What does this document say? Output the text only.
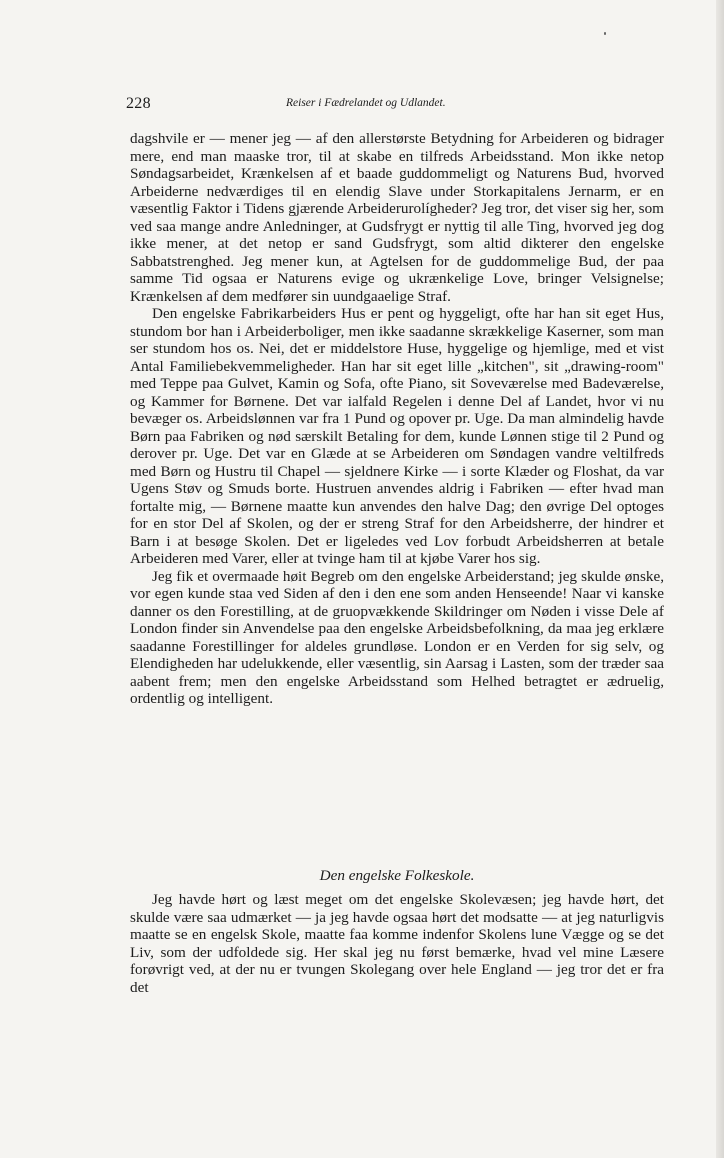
228	Reiser i Fædrelandet og Udlandet.

dagshvile er — mener jeg — af den allerstørste Betydning for Arbeideren og bidrager mere, end man maaske tror, til at skabe en tilfreds Arbeidsstand. Mon ikke netop Søndagsarbeidet, Krænkelsen af et baade guddommeligt og Naturens Bud, hvorved Arbeiderne nedværdiges til en elendig Slave under Storkapitalens Jernarm, er en væsentlig Faktor i Tidens gjærende Arbeiderurolígheder? Jeg tror, det viser sig her, som ved saa mange andre Anledninger, at Gudsfrygt er nyttig til alle Ting, hvorved jeg dog ikke mener, at det netop er sand Gudsfrygt, som altid dikterer den engelske Sabbatstrenghed. Jeg mener kun, at Agtelsen for de guddommelige Bud, der paa samme Tid ogsaa er Naturens evige og ukrænkelige Love, bringer Velsignelse; Krænkelsen af dem medfører sin uundgaaelige Straf.

Den engelske Fabrikarbeiders Hus er pent og hyggeligt, ofte har han sit eget Hus, stundom bor han i Arbeiderboliger, men ikke saadanne skrækkelige Kaserner, som man ser stundom hos os. Nei, det er middelstore Huse, hyggelige og hjemlige, med et vist Antal Familiebekvemmeligheder. Han har sit eget lille „kitchen", sit „drawing-room" med Teppe paa Gulvet, Kamin og Sofa, ofte Piano, sit Soveværelse med Badeværelse, og Kammer for Børnene. Det var ialfald Regelen i denne Del af Landet, hvor vi nu bevæger os. Arbeidslønnen var fra 1 Pund og opover pr. Uge. Da man almindelig havde Børn paa Fabriken og nød særskilt Betaling for dem, kunde Lønnen stige til 2 Pund og derover pr. Uge. Det var en Glæde at se Arbeideren om Søndagen vandre veltilfreds med Børn og Hustru til Chapel — sjeldnere Kirke — i sorte Klæder og Floshat, da var Ugens Støv og Smuds borte. Hustruen anvendes aldrig i Fabriken — efter hvad man fortalte mig, — Børnene maatte kun anvendes den halve Dag; den øvrige Del optoges for en stor Del af Skolen, og der er streng Straf for den Arbeidsherre, der hindrer et Barn i at besøge Skolen. Det er ligeledes ved Lov forbudt Arbeidsherren at betale Arbeideren med Varer, eller at tvinge ham til at kjøbe Varer hos sig.

Jeg fik et overmaade høit Begreb om den engelske Arbeiderstand; jeg skulde ønske, vor egen kunde staa ved Siden af den i den ene som anden Henseende! Naar vi kanske danner os den Forestilling, at de gruopvækkende Skildringer om Nøden i visse Dele af London finder sin Anvendelse paa den engelske Arbeidsbefolkning, da maa jeg erklære saadanne Forestillinger for aldeles grundløse. London er en Verden for sig selv, og Elendigheden har udelukkende, eller væsentlig, sin Aarsag i Lasten, som der træder saa aabent frem; men den engelske Arbeidsstand som Helhed betragtet er ædruelig, ordentlig og intelligent.

Den engelske Folkeskole.

Jeg havde hørt og læst meget om det engelske Skolevæsen; jeg havde hørt, det skulde være saa udmærket — ja jeg havde ogsaa hørt det modsatte — at jeg naturligvis maatte se en engelsk Skole, maatte faa komme indenfor Skolens lune Vægge og se det Liv, som der udfoldede sig. Her skal jeg nu først bemærke, hvad vel mine Læsere forøvrigt ved, at der nu er tvungen Skolegang over hele England — jeg tror det er fra det
